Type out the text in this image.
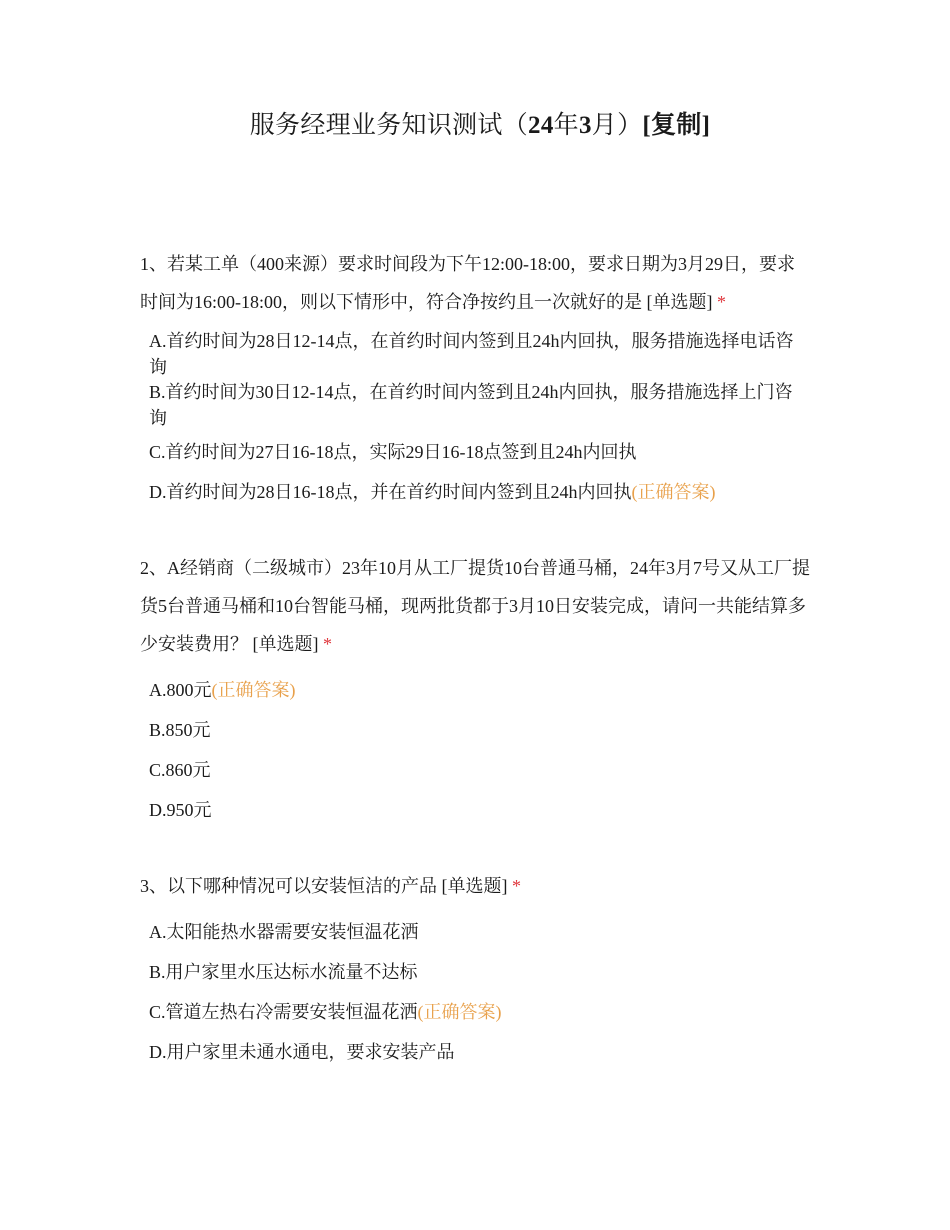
服务经理业务知识测试（24年3月）[复制]
1、若某工单（400来源）要求时间段为下午12:00-18:00，要求日期为3月29日，要求时间为16:00-18:00，则以下情形中，符合净按约且一次就好的是 [单选题] *
A.首约时间为28日12-14点，在首约时间内签到且24h内回执，服务措施选择电话咨询
B.首约时间为30日12-14点，在首约时间内签到且24h内回执，服务措施选择上门咨询
C.首约时间为27日16-18点，实际29日16-18点签到且24h内回执
D.首约时间为28日16-18点，并在首约时间内签到且24h内回执(正确答案)
2、A经销商（二级城市）23年10月从工厂提货10台普通马桶，24年3月7号又从工厂提货5台普通马桶和10台智能马桶，现两批货都于3月10日安装完成，请问一共能结算多少安装费用？ [单选题] *
A.800元(正确答案)
B.850元
C.860元
D.950元
3、以下哪种情况可以安装恒洁的产品 [单选题] *
A.太阳能热水器需要安装恒温花洒
B.用户家里水压达标水流量不达标
C.管道左热右冷需要安装恒温花洒(正确答案)
D.用户家里未通水通电，要求安装产品
